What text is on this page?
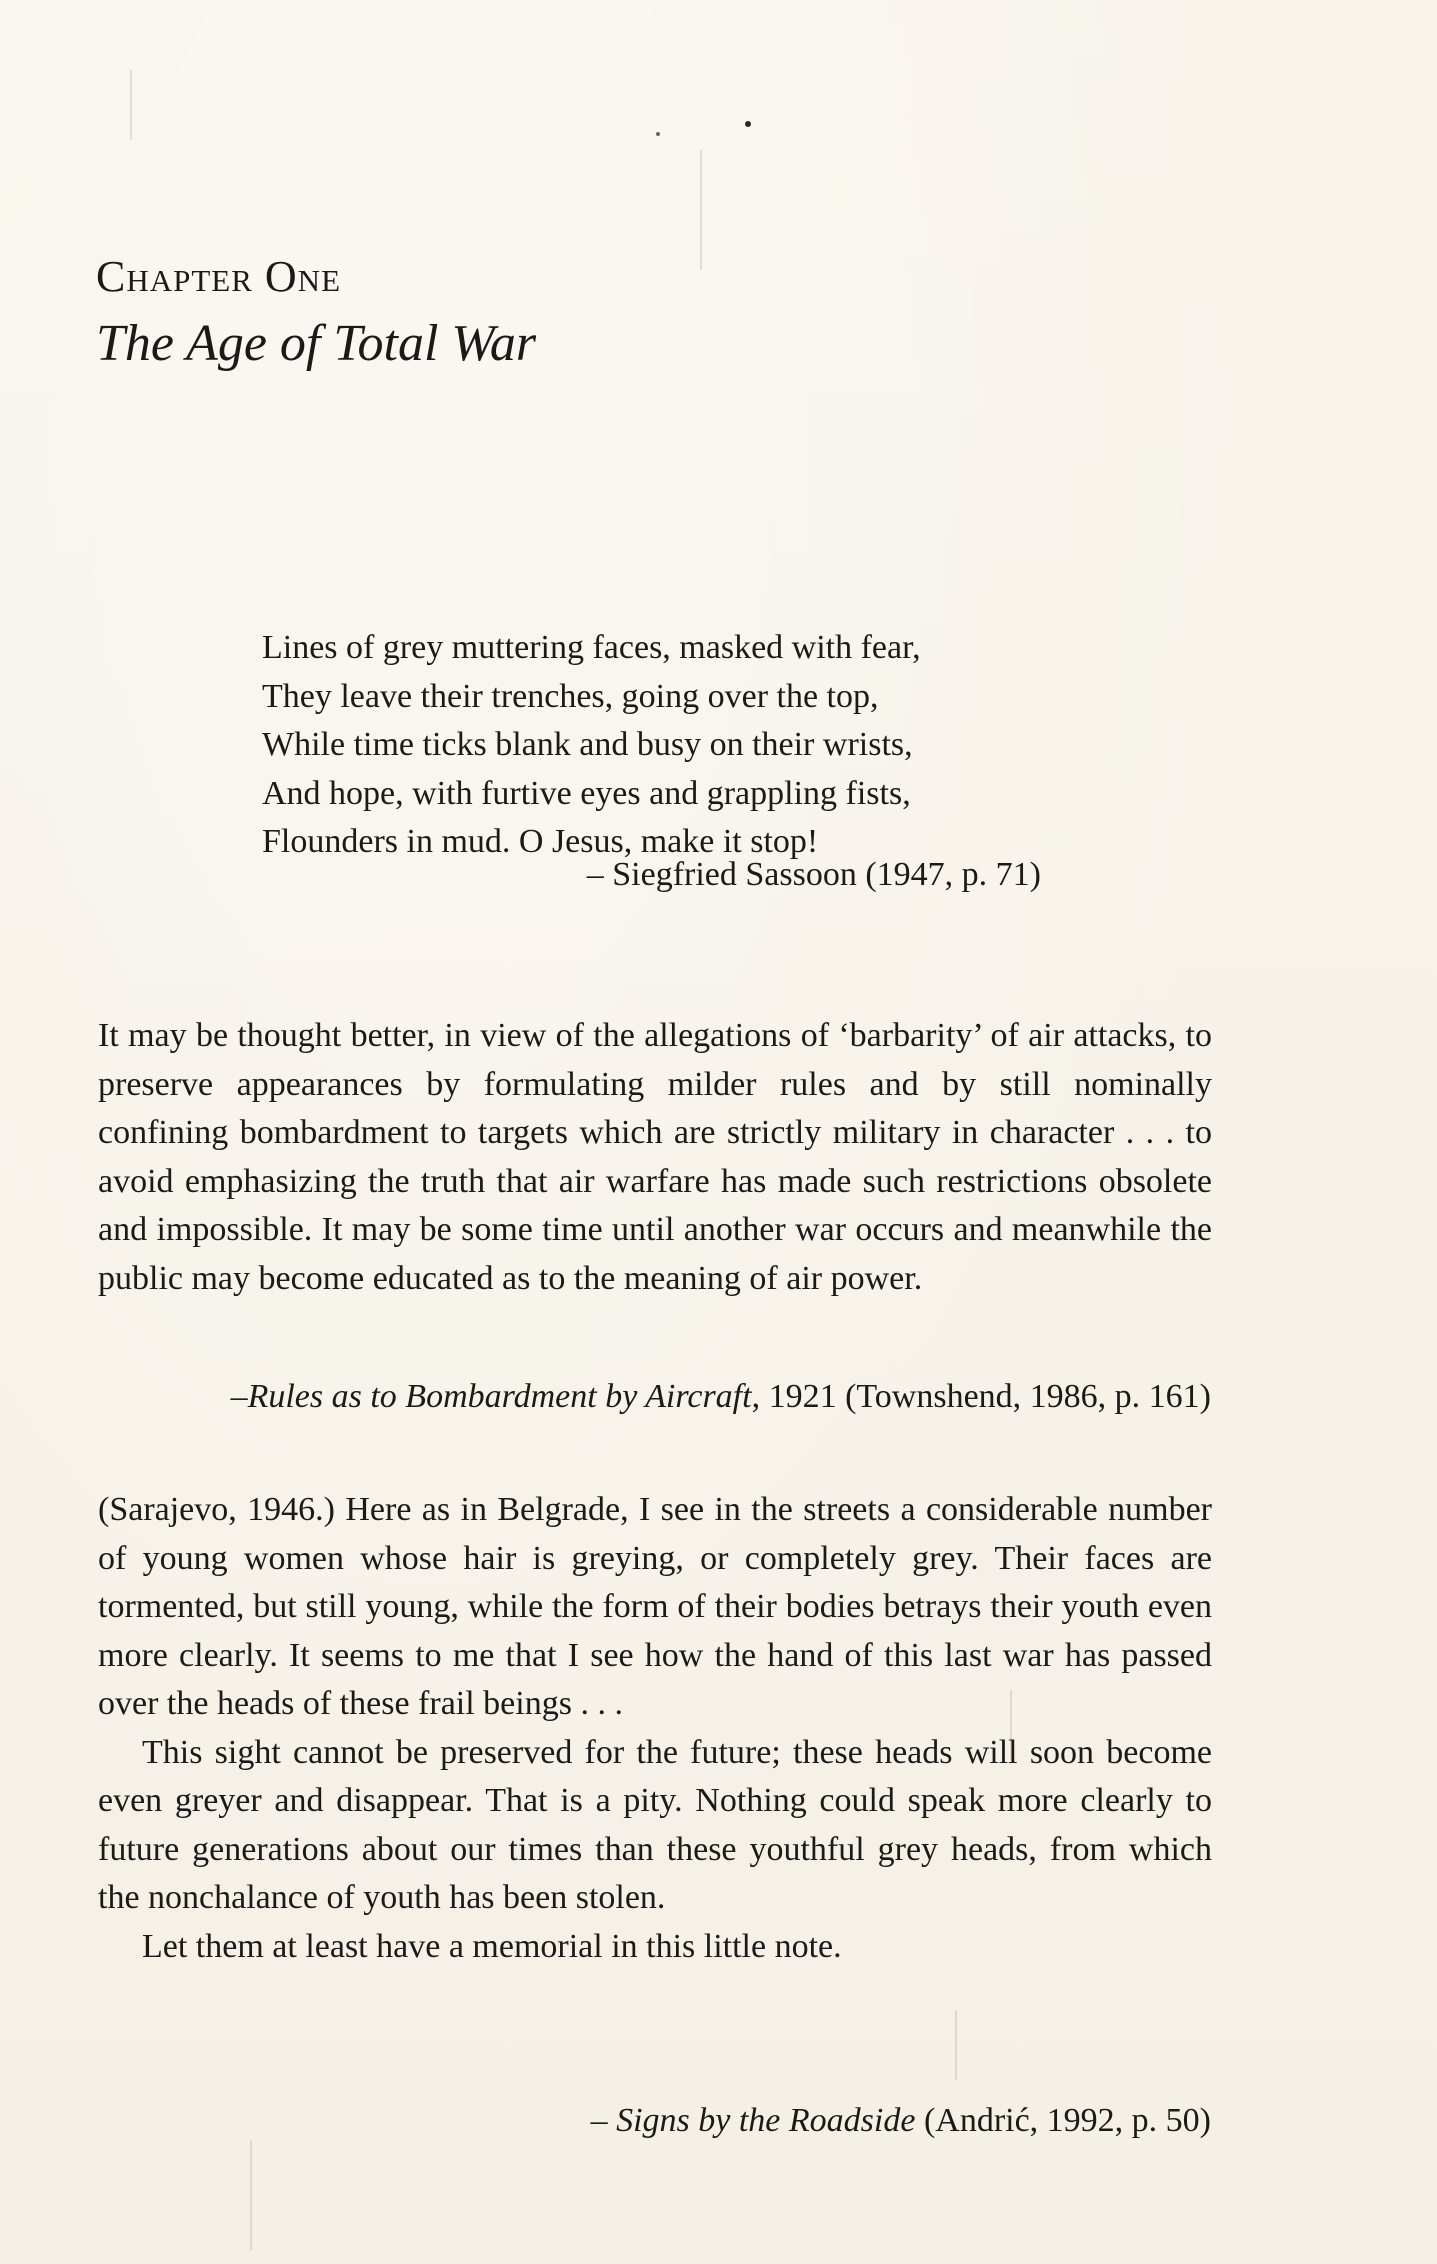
Chapter One
The Age of Total War
Lines of grey muttering faces, masked with fear,
They leave their trenches, going over the top,
While time ticks blank and busy on their wrists,
And hope, with furtive eyes and grappling fists,
Flounders in mud. O Jesus, make it stop!
– Siegfried Sassoon (1947, p. 71)

It may be thought better, in view of the allegations of ‘barbarity’ of air attacks, to preserve appearances by formulating milder rules and by still nominally confining bombardment to targets which are strictly military in character . . . to avoid emphasizing the truth that air warfare has made such restrictions obsolete and impossible. It may be some time until another war occurs and meanwhile the public may become educated as to the meaning of air power.

–Rules as to Bombardment by Aircraft, 1921 (Townshend, 1986, p. 161)

(Sarajevo, 1946.) Here as in Belgrade, I see in the streets a considerable number of young women whose hair is greying, or completely grey. Their faces are tormented, but still young, while the form of their bodies betrays their youth even more clearly. It seems to me that I see how the hand of this last war has passed over the heads of these frail beings . . .

This sight cannot be preserved for the future; these heads will soon become even greyer and disappear. That is a pity. Nothing could speak more clearly to future generations about our times than these youthful grey heads, from which the nonchalance of youth has been stolen.

Let them at least have a memorial in this little note.

– Signs by the Roadside (Andrić, 1992, p. 50)
